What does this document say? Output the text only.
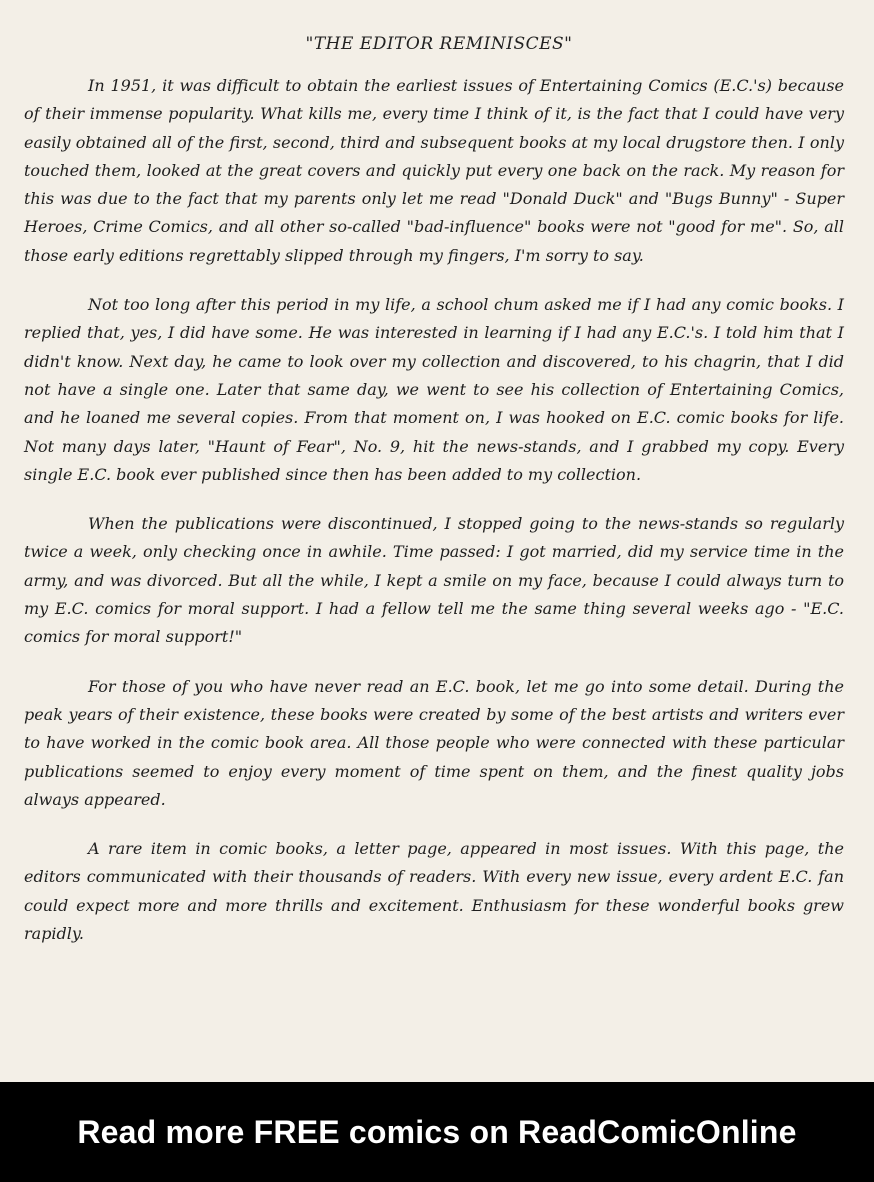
"THE EDITOR REMINISCES"

In 1951, it was difficult to obtain the earliest issues of Entertaining Comics (E.C.'s) because of their immense popularity. What kills me, every time I think of it, is the fact that I could have very easily obtained all of the first, second, third and subsequent books at my local drugstore then. I only touched them, looked at the great covers and quickly put every one back on the rack. My reason for this was due to the fact that my parents only let me read "Donald Duck" and "Bugs Bunny" - Super Heroes, Crime Comics, and all other so-called "bad-influence" books were not "good for me". So, all those early editions regrettably slipped through my fingers, I'm sorry to say.

Not too long after this period in my life, a school chum asked me if I had any comic books. I replied that, yes, I did have some. He was interested in learning if I had any E.C.'s. I told him that I didn't know. Next day, he came to look over my collection and discovered, to his chagrin, that I did not have a single one. Later that same day, we went to see his collection of Entertaining Comics, and he loaned me several copies. From that moment on, I was hooked on E.C. comic books for life. Not many days later, "Haunt of Fear", No. 9, hit the news-stands, and I grabbed my copy. Every single E.C. book ever published since then has been added to my collection.

When the publications were discontinued, I stopped going to the news-stands so regularly twice a week, only checking once in awhile. Time passed: I got married, did my service time in the army, and was divorced. But all the while, I kept a smile on my face, because I could always turn to my E.C. comics for moral support. I had a fellow tell me the same thing several weeks ago - "E.C. comics for moral support!"

For those of you who have never read an E.C. book, let me go into some detail. During the peak years of their existence, these books were created by some of the best artists and writers ever to have worked in the comic book area. All those people who were connected with these particular publications seemed to enjoy every moment of time spent on them, and the finest quality jobs always appeared.

A rare item in comic books, a letter page, appeared in most issues. With this page, the editors communicated with their thousands of readers. With every new issue, every ardent E.C. fan could expect more and more thrills and excitement. Enthusiasm for these wonderful books grew rapidly.

Read more FREE comics on ReadComicOnline
